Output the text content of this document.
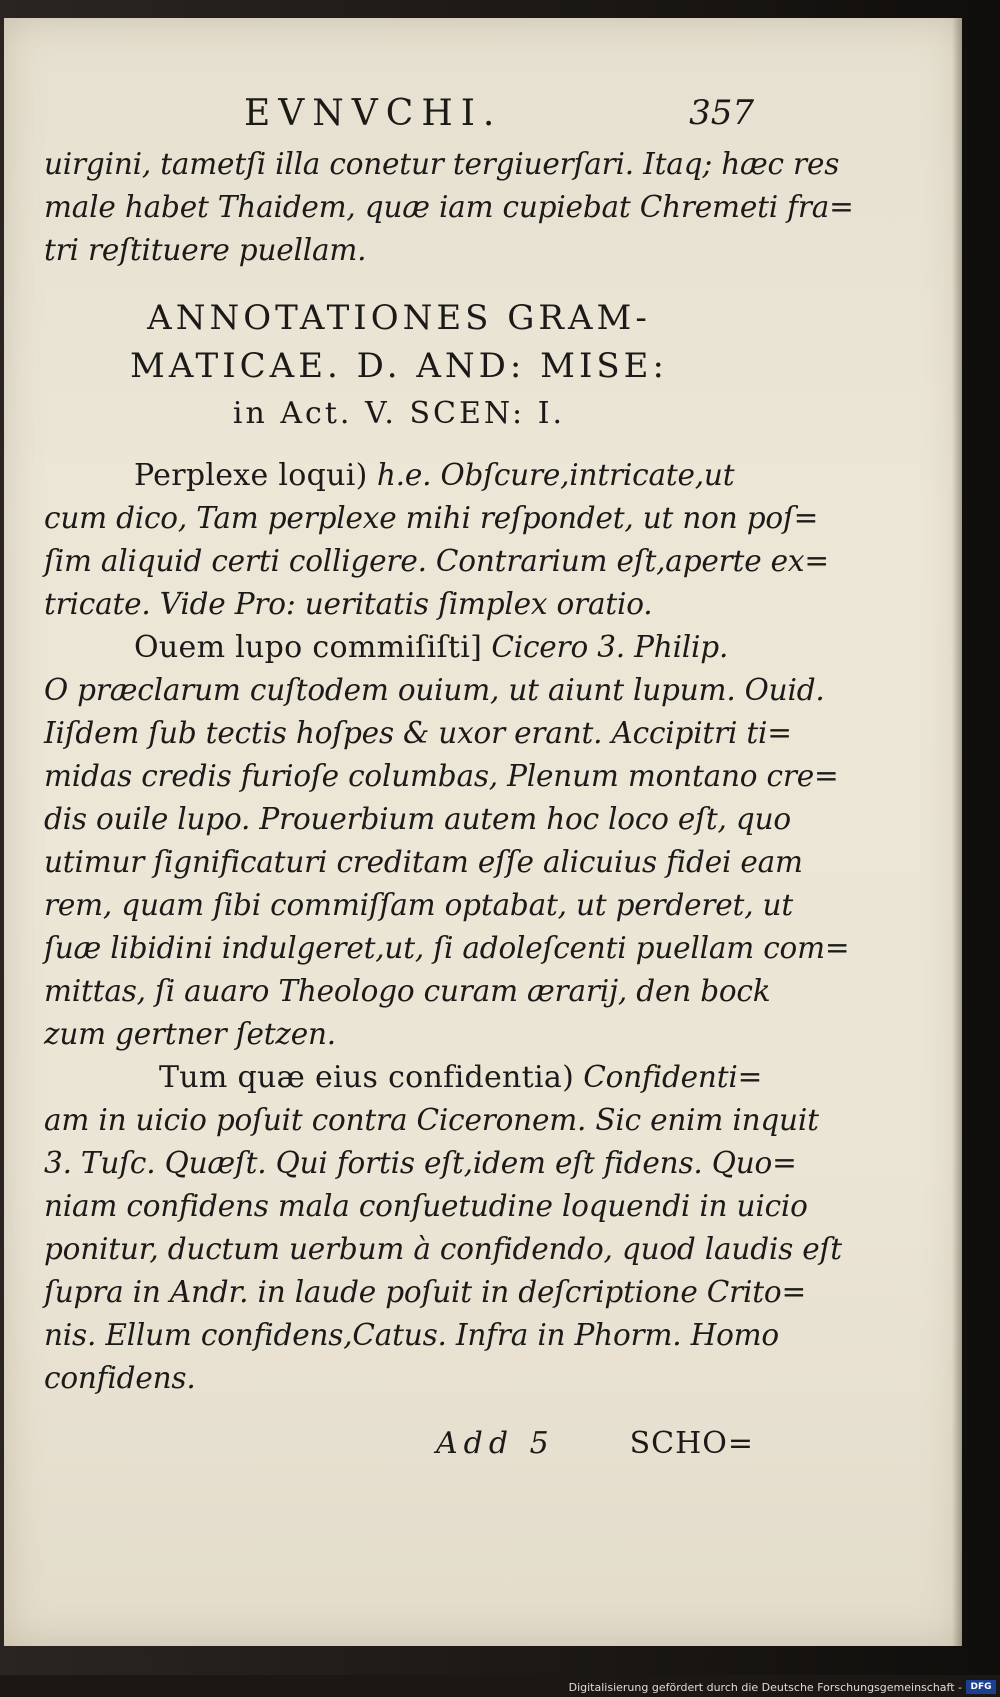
EVNVCHI.	357
uirgini, tametſi illa conetur tergiuerſari. Itaq; hæc res
male habet Thaidem, quæ iam cupiebat Chremeti fra=
tri reſtituere puellam.
ANNOTATIONES GRAM-
MATICAE. D. AND: MISE:
in Act. V. SCEN: I.
Perplexe loqui) h.e. Obſcure,intricate,ut
cum dico, Tam perplexe mihi reſpondet, ut non poſ=
ſim aliquid certi colligere. Contrarium eſt,aperte ex=
tricate. Vide Pro: ueritatis ſimplex oratio.
Ouem lupo commiſiſti] Cicero 3. Philip.
O præclarum cuſtodem ouium, ut aiunt lupum. Ouid.
Iiſdem ſub tectis hoſpes & uxor erant. Accipitri ti=
midas credis furioſe columbas, Plenum montano cre=
dis ouile lupo. Prouerbium autem hoc loco eſt, quo
utimur ſignificaturi creditam eſſe alicuius fidei eam
rem, quam ſibi commiſſam optabat, ut perderet, ut
ſuæ libidini indulgeret,ut, ſi adoleſcenti puellam com=
mittas, ſi auaro Theologo curam ærarij, den bock
zum gertner ſetzen.
Tum quæ eius confidentia) Confidenti=
am in uicio poſuit contra Ciceronem. Sic enim inquit
3. Tuſc. Quæſt. Qui fortis eſt,idem eſt fidens. Quo=
niam confidens mala conſuetudine loquendi in uicio
ponitur, ductum uerbum à confidendo, quod laudis eſt
ſupra in Andr. in laude poſuit in deſcriptione Crito=
nis. Ellum confidens,Catus. Infra in Phorm. Homo
confidens.
Add 5 SCHO=
Digitalisierung gefördert durch die Deutsche Forschungsgemeinschaft - DFG
